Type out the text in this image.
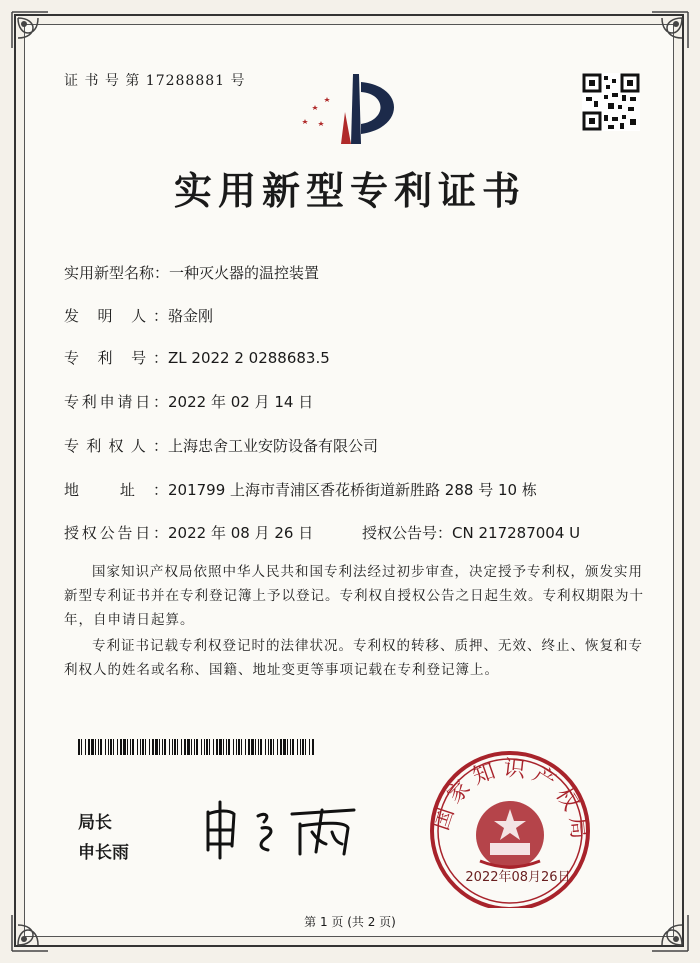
证 书 号 第 17288881 号
实用新型专利证书
实用新型名称：一种灭火器的温控装置
发 明 人：骆金刚
专 利 号：ZL 2022 2 0288683.5
专利申请日：2022 年 02 月 14 日
专利权人：上海忠舍工业安防设备有限公司
地 址：201799 上海市青浦区香花桥街道新胜路 288 号 10 栋
授权公告日：2022 年 08 月 26 日	授权公告号：CN 217287004 U
国家知识产权局依照中华人民共和国专利法经过初步审查，决定授予专利权，颁发实用新型专利证书并在专利登记簿上予以登记。专利权自授权公告之日起生效。专利权期限为十年，自申请日起算。
专利证书记载专利权登记时的法律状况。专利权的转移、质押、无效、终止、恢复和专利权人的姓名或名称、国籍、地址变更等事项记载在专利登记簿上。
局长
申长雨
国家知识产权局
2022年08月26日
第 1 页 (共 2 页)
